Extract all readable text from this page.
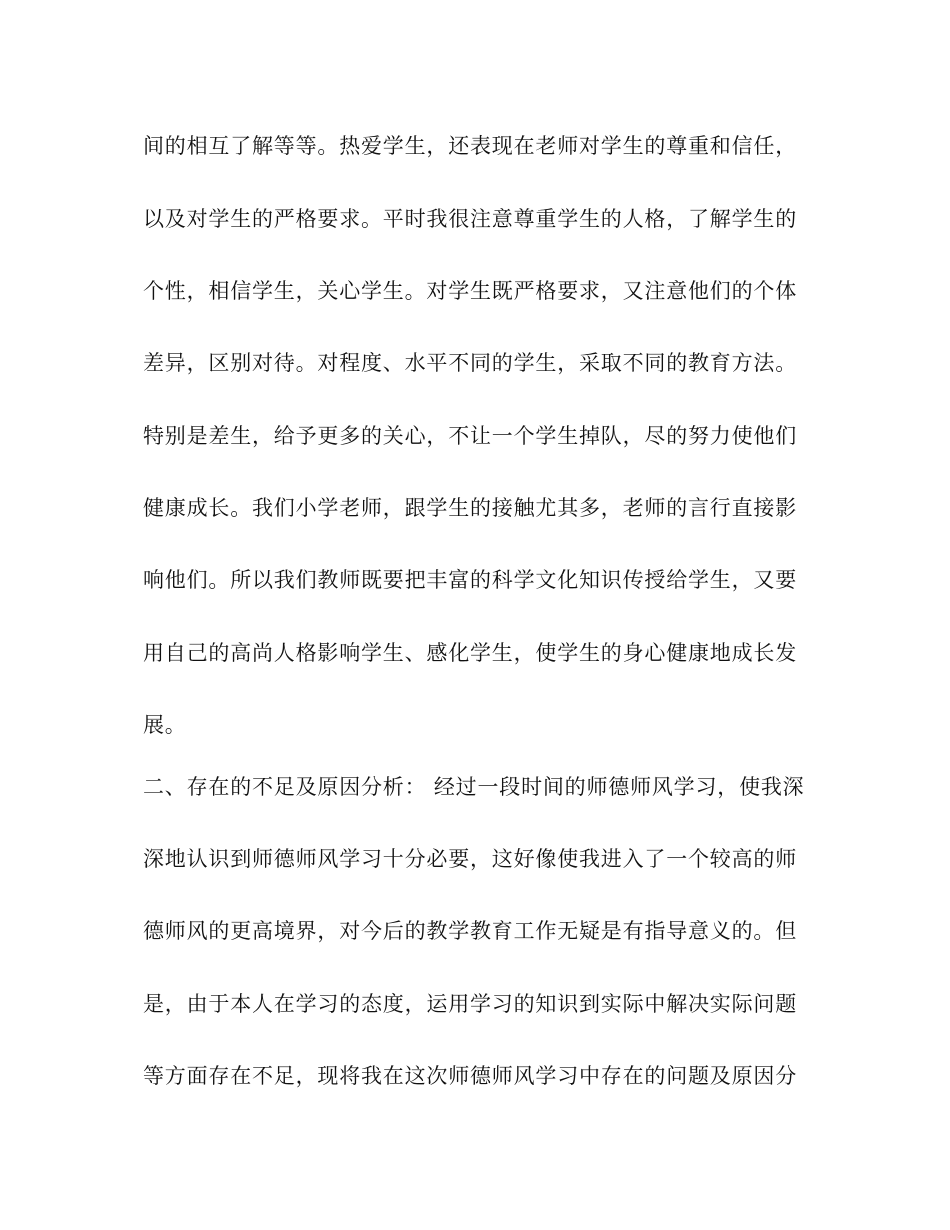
间的相互了解等等。热爱学生，还表现在老师对学生的尊重和信任，
以及对学生的严格要求。平时我很注意尊重学生的人格，了解学生的
个性，相信学生，关心学生。对学生既严格要求，又注意他们的个体
差异，区别对待。对程度、水平不同的学生，采取不同的教育方法。
特别是差生，给予更多的关心，不让一个学生掉队，尽的努力使他们
健康成长。我们小学老师，跟学生的接触尤其多，老师的言行直接影
响他们。所以我们教师既要把丰富的科学文化知识传授给学生，又要
用自己的高尚人格影响学生、感化学生，使学生的身心健康地成长发
展。
二、存在的不足及原因分析： 经过一段时间的师德师风学习，使我深
深地认识到师德师风学习十分必要，这好像使我进入了一个较高的师
德师风的更高境界，对今后的教学教育工作无疑是有指导意义的。但
是，由于本人在学习的态度，运用学习的知识到实际中解决实际问题
等方面存在不足，现将我在这次师德师风学习中存在的问题及原因分
